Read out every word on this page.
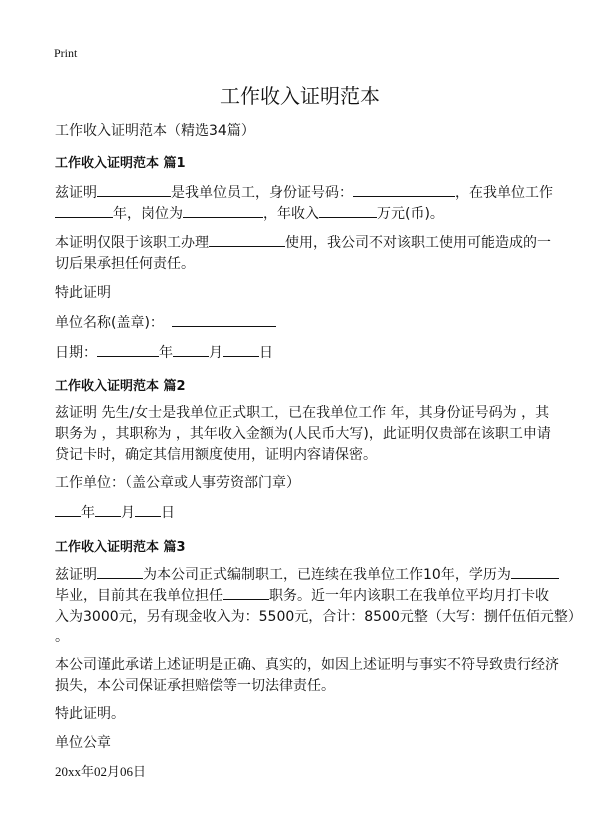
Print
工作收入证明范本
工作收入证明范本（精选34篇）
工作收入证明范本 篇1
兹证明	是我单位员工，身份证号码：	，在我单位工作
年，岗位为	，年收入	万元(币)。
本证明仅限于该职工办理	使用，我公司不对该职工使用可能造成的一
切后果承担任何责任。
特此证明
单位名称(盖章)：
日期：	年	月	日
工作收入证明范本 篇2
兹证明 先生/女士是我单位正式职工，已在我单位工作 年，其身份证号码为 ，其
职务为 ，其职称为 ，其年收入金额为(人民币大写)，此证明仅贵部在该职工申请
贷记卡时，确定其信用额度使用，证明内容请保密。
工作单位：（盖公章或人事劳资部门章）
年 月 日
工作收入证明范本 篇3
兹证明	为本公司正式编制职工，已连续在我单位工作10年，学历为
毕业，目前其在我单位担任	职务。近一年内该职工在我单位平均月打卡收
入为3000元，另有现金收入为：5500元，合计：8500元整（大写：捌仟伍佰元整）
。
本公司谨此承诺上述证明是正确、真实的，如因上述证明与事实不符导致贵行经济
损失，本公司保证承担赔偿等一切法律责任。
特此证明。
单位公章
20xx年02月06日
